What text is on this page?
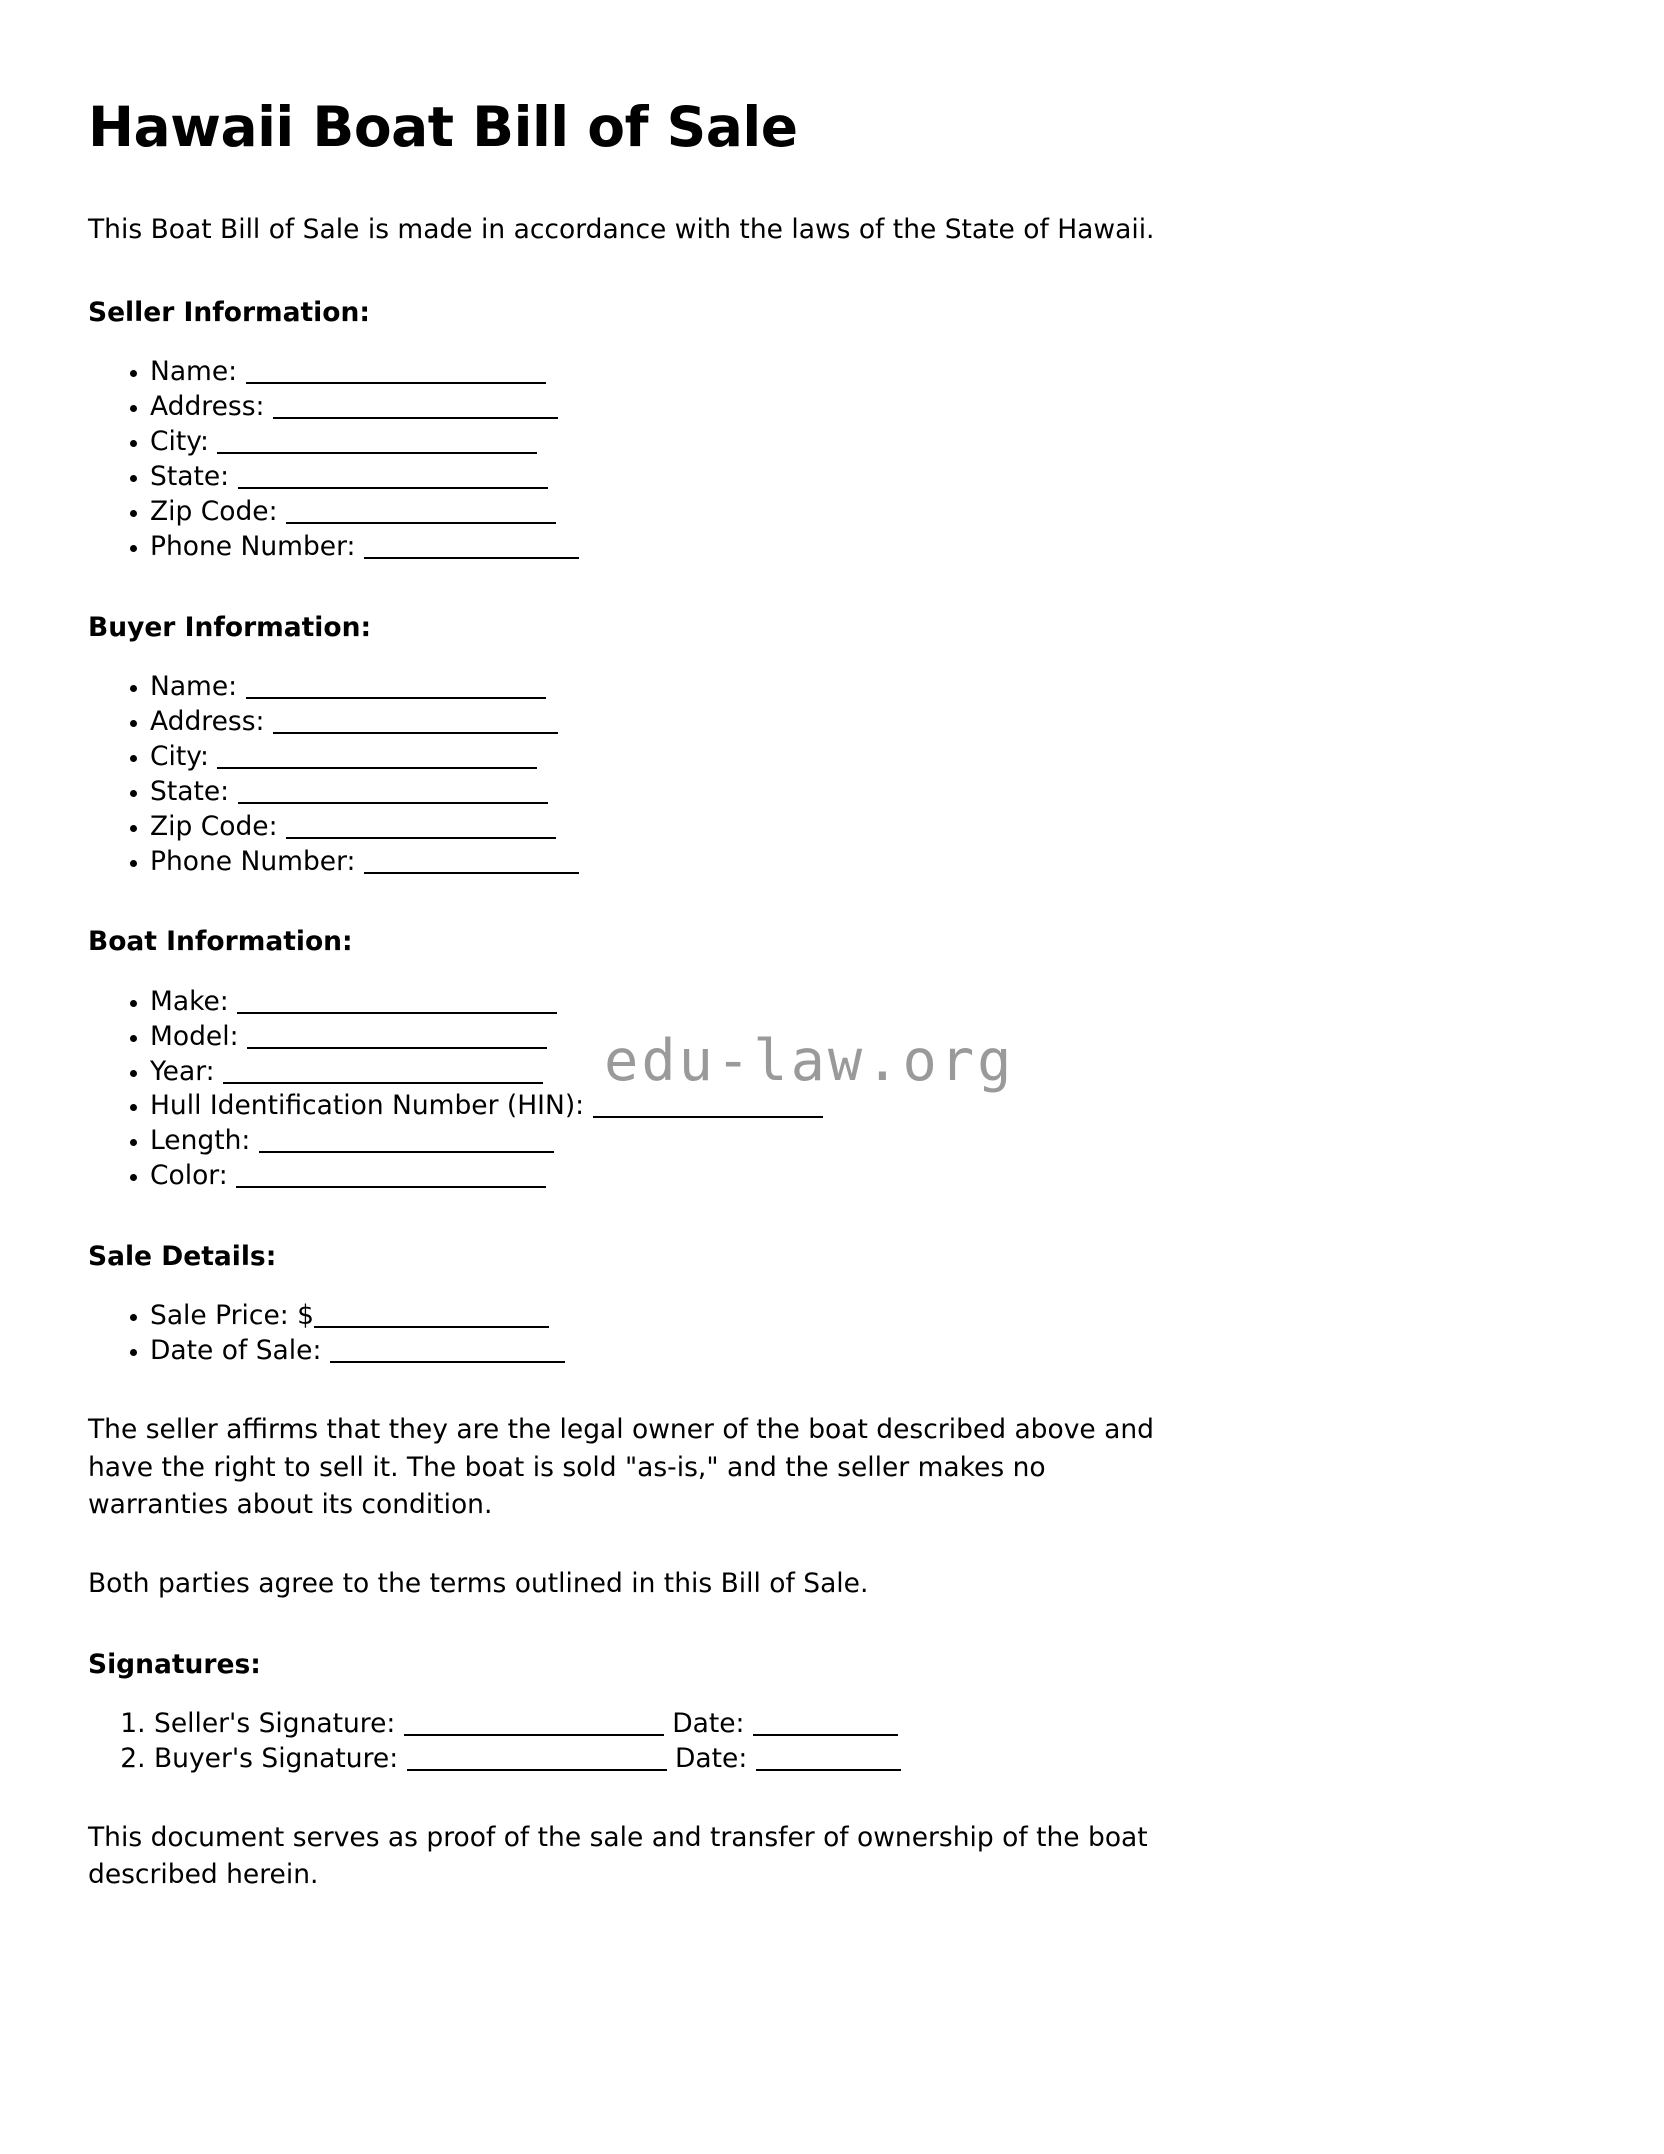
Hawaii Boat Bill of Sale

This Boat Bill of Sale is made in accordance with the laws of the State of Hawaii.

Seller Information:
• Name:
• Address:
• City:
• State:
• Zip Code:
• Phone Number:
Buyer Information:
• Name:
• Address:
• City:
• State:
• Zip Code:
• Phone Number:
Boat Information:
• Make:
• Model:
• Year:
• Hull Identification Number (HIN):
• Length:
• Color:
Sale Details:
• Sale Price: $
• Date of Sale:

The seller affirms that they are the legal owner of the boat described above and have the right to sell it. The boat is sold "as-is," and the seller makes no warranties about its condition.

Both parties agree to the terms outlined in this Bill of Sale.

Signatures:
1. Seller's Signature:	Date:
2. Buyer's Signature:	Date:

This document serves as proof of the sale and transfer of ownership of the boat described herein.

edu-law.org
